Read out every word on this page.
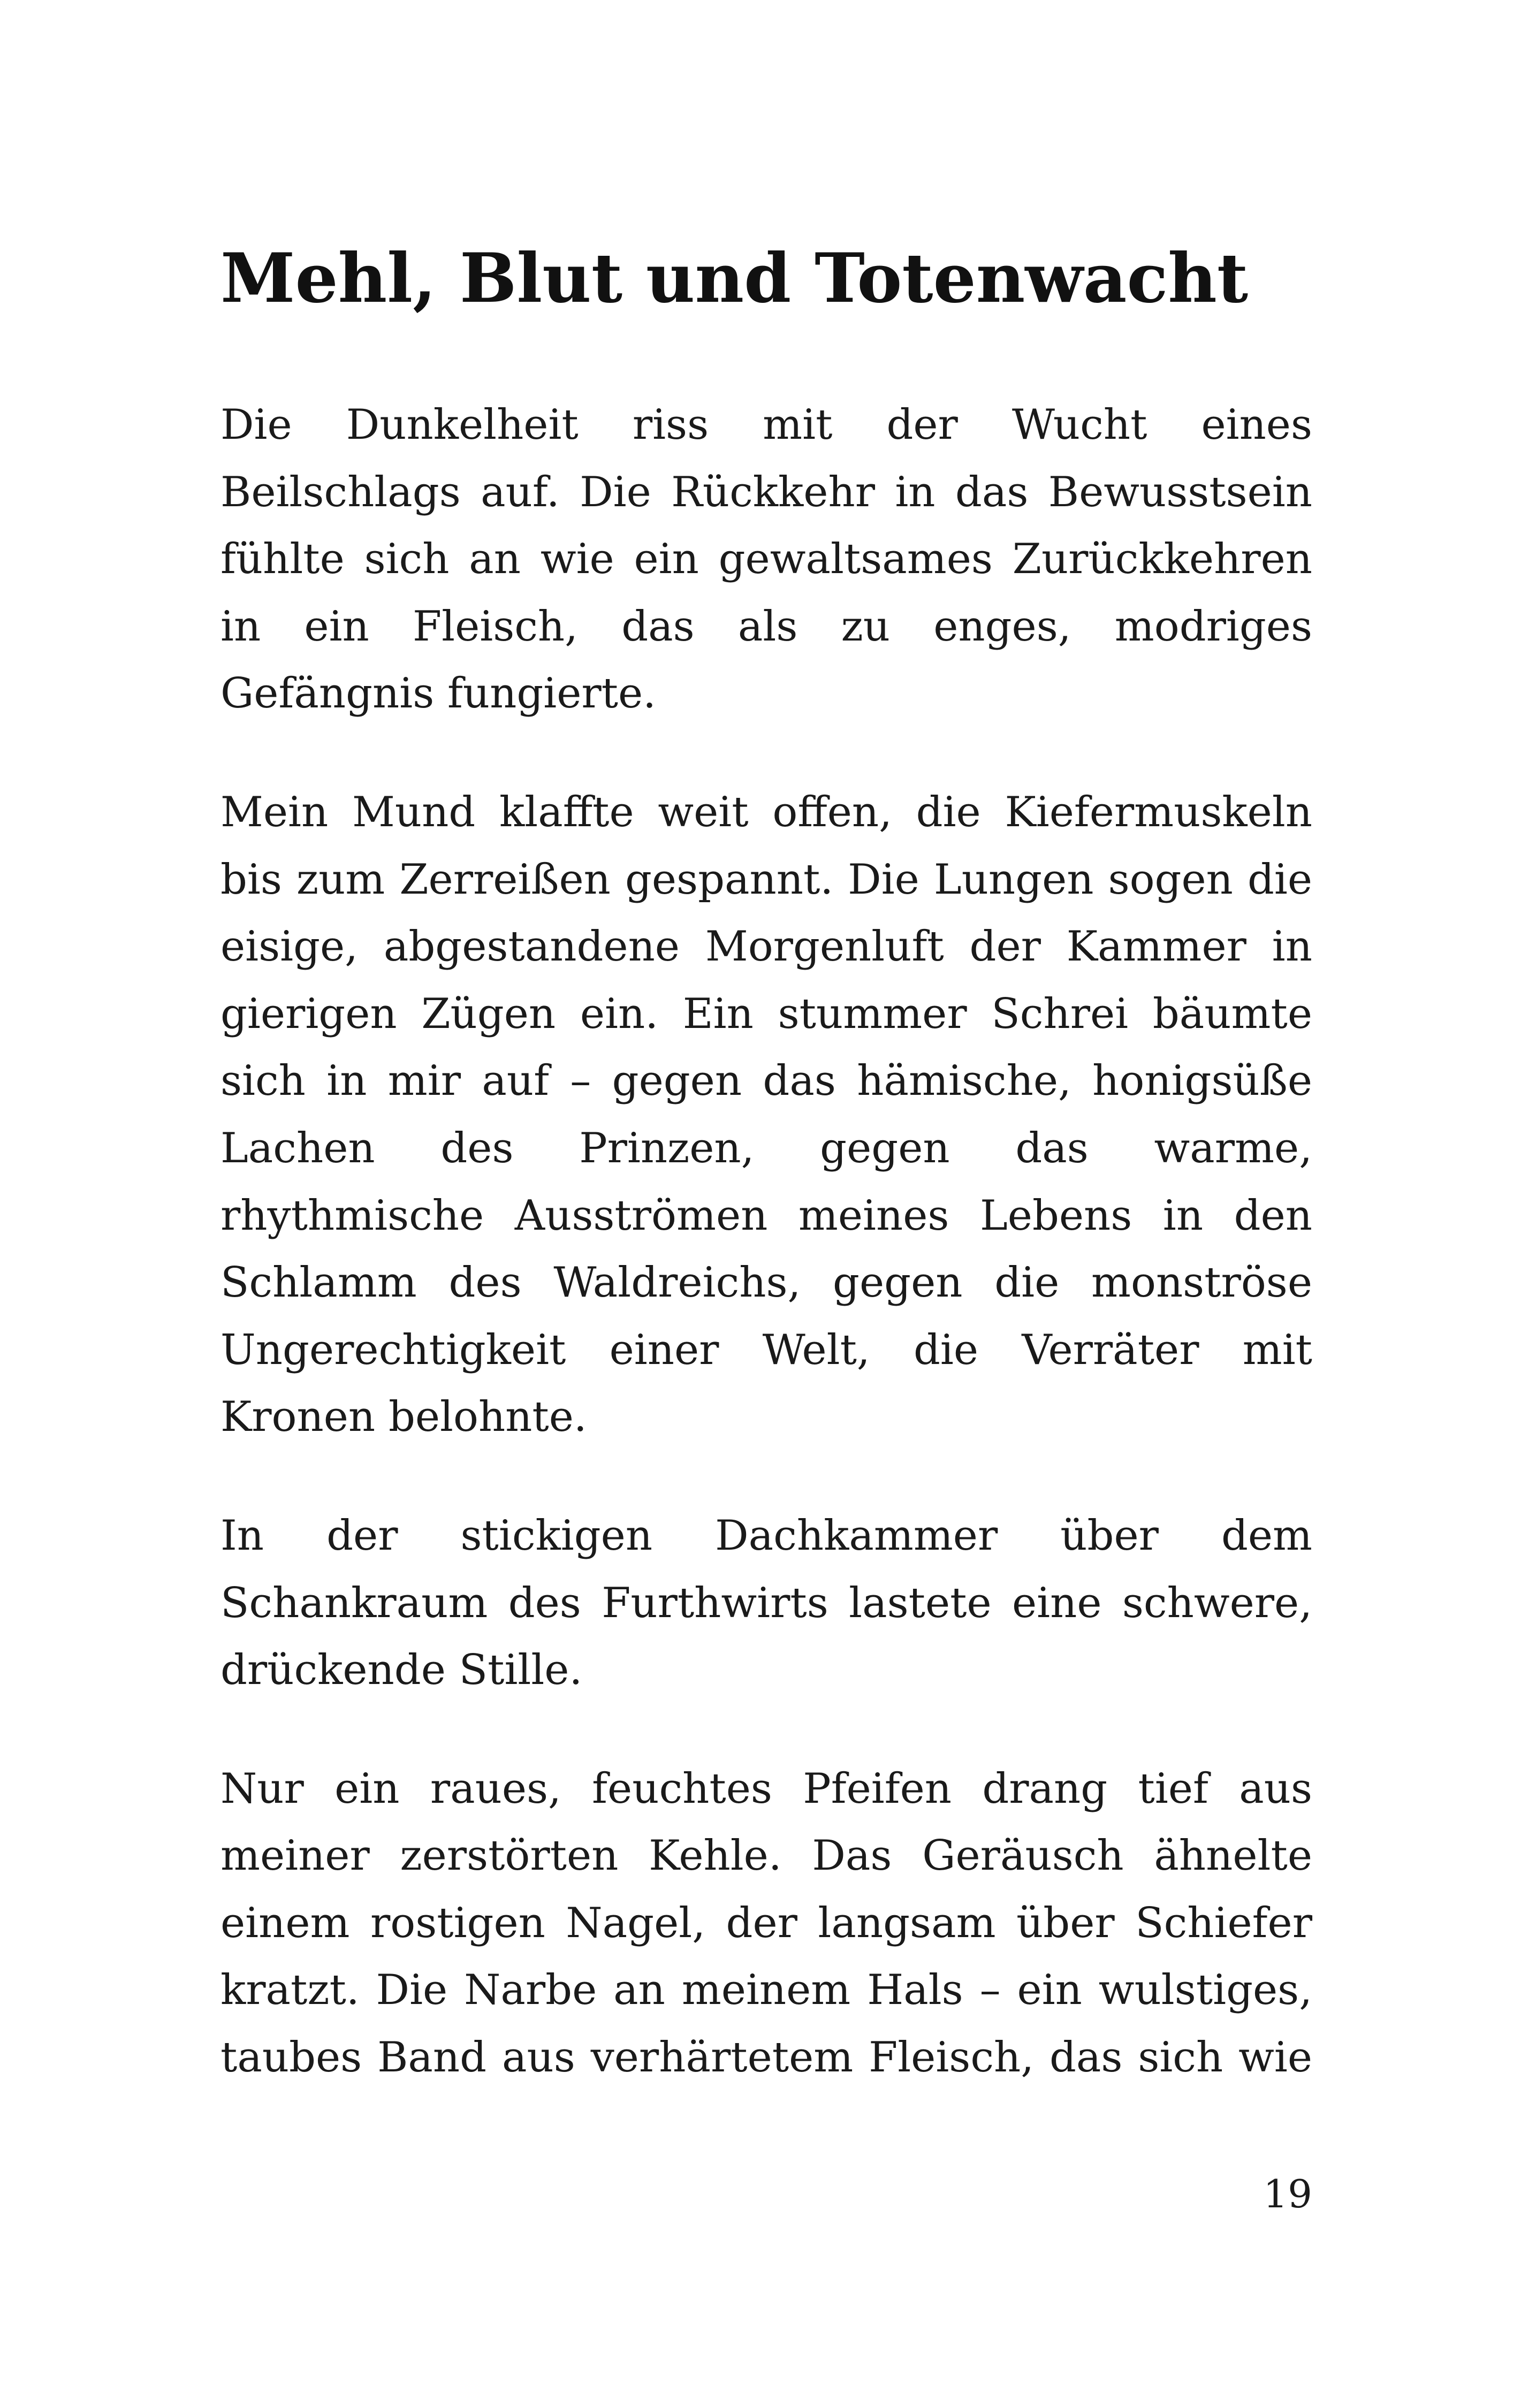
Mehl, Blut und Totenwacht

Die Dunkelheit riss mit der Wucht eines
Beilschlags auf. Die Rückkehr in das Bewusstsein
fühlte sich an wie ein gewaltsames Zurückkehren
in ein Fleisch, das als zu enges, modriges
Gefängnis fungierte.

Mein Mund klaffte weit offen, die Kiefermuskeln
bis zum Zerreißen gespannt. Die Lungen sogen die
eisige, abgestandene Morgenluft der Kammer in
gierigen Zügen ein. Ein stummer Schrei bäumte
sich in mir auf – gegen das hämische, honigsüße
Lachen des Prinzen, gegen das warme,
rhythmische Ausströmen meines Lebens in den
Schlamm des Waldreichs, gegen die monströse
Ungerechtigkeit einer Welt, die Verräter mit
Kronen belohnte.

In der stickigen Dachkammer über dem
Schankraum des Furthwirts lastete eine schwere,
drückende Stille.

Nur ein raues, feuchtes Pfeifen drang tief aus
meiner zerstörten Kehle. Das Geräusch ähnelte
einem rostigen Nagel, der langsam über Schiefer
kratzt. Die Narbe an meinem Hals – ein wulstiges,
taubes Band aus verhärtetem Fleisch, das sich wie

19
